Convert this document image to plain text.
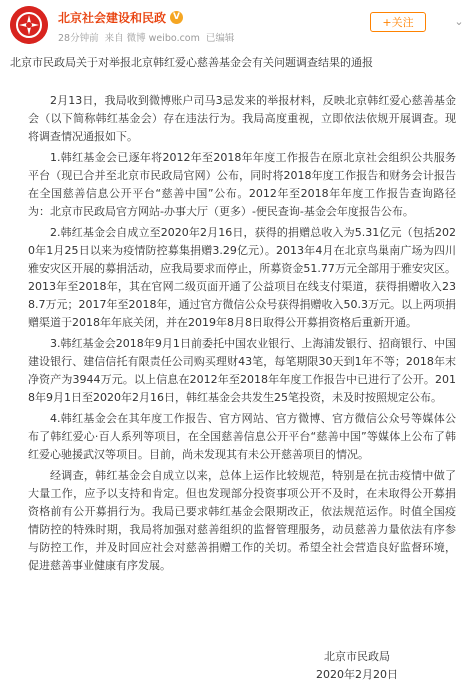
北京社会建设和民政 V
28分钟前 来自 微博 weibo.com 已编辑
+关注	⌄
北京市民政局关于对举报北京韩红爱心慈善基金会有关问题调查结果的通报

2月13日，我局收到微博账户司马3忌发来的举报材料，反映北京韩红爱心慈善基金会（以下简称韩红基金会）存在违法行为。我局高度重视，立即依法依规开展调查。现将调查情况通报如下。

1.韩红基金会已逐年将2012年至2018年年度工作报告在原北京社会组织公共服务平台（现已合并至北京市民政局官网）公布，同时将2018年度工作报告和财务会计报告在全国慈善信息公开平台“慈善中国”公布。2012年至2018年年度工作报告查询路径为：北京市民政局官方网站-办事大厅（更多）-便民查询-基金会年度报告公布。

2.韩红基金会自成立至2020年2月16日，获得的捐赠总收入为5.31亿元（包括2020年1月25日以来为疫情防控募集捐赠3.29亿元）。2013年4月在北京鸟巢南广场为四川雅安灾区开展的募捐活动，应我局要求而停止，所募资金51.77万元全部用于雅安灾区。2013年至2018年，其在官网二级页面开通了公益项目在线支付渠道，获得捐赠收入238.7万元；2017年至2018年，通过官方微信公众号获得捐赠收入50.3万元。以上两项捐赠渠道于2018年年底关闭，并在2019年8月8日取得公开募捐资格后重新开通。

3.韩红基金会2018年9月1日前委托中国农业银行、上海浦发银行、招商银行、中国建设银行、建信信托有限责任公司购买理财43笔，每笔期限30天到1年不等；2018年末净资产为3944万元。以上信息在2012年至2018年年度工作报告中已进行了公开。2018年9月1日至2020年2月16日，韩红基金会共发生25笔投资，未及时按照规定公布。

4.韩红基金会在其年度工作报告、官方网站、官方微博、官方微信公众号等媒体公布了韩红爱心·百人系列等项目，在全国慈善信息公开平台“慈善中国”等媒体上公布了韩红爱心驰援武汉等项目。目前，尚未发现其有未公开慈善项目的情况。

经调查，韩红基金会自成立以来，总体上运作比较规范，特别是在抗击疫情中做了大量工作，应予以支持和肯定。但也发现部分投资事项公开不及时，在未取得公开募捐资格前有公开募捐行为。我局已要求韩红基金会限期改正，依法规范运作。时值全国疫情防控的特殊时期，我局将加强对慈善组织的监督管理服务，动员慈善力量依法有序参与防控工作，并及时回应社会对慈善捐赠工作的关切。希望全社会营造良好监督环境，促进慈善事业健康有序发展。

北京市民政局
2020年2月20日
